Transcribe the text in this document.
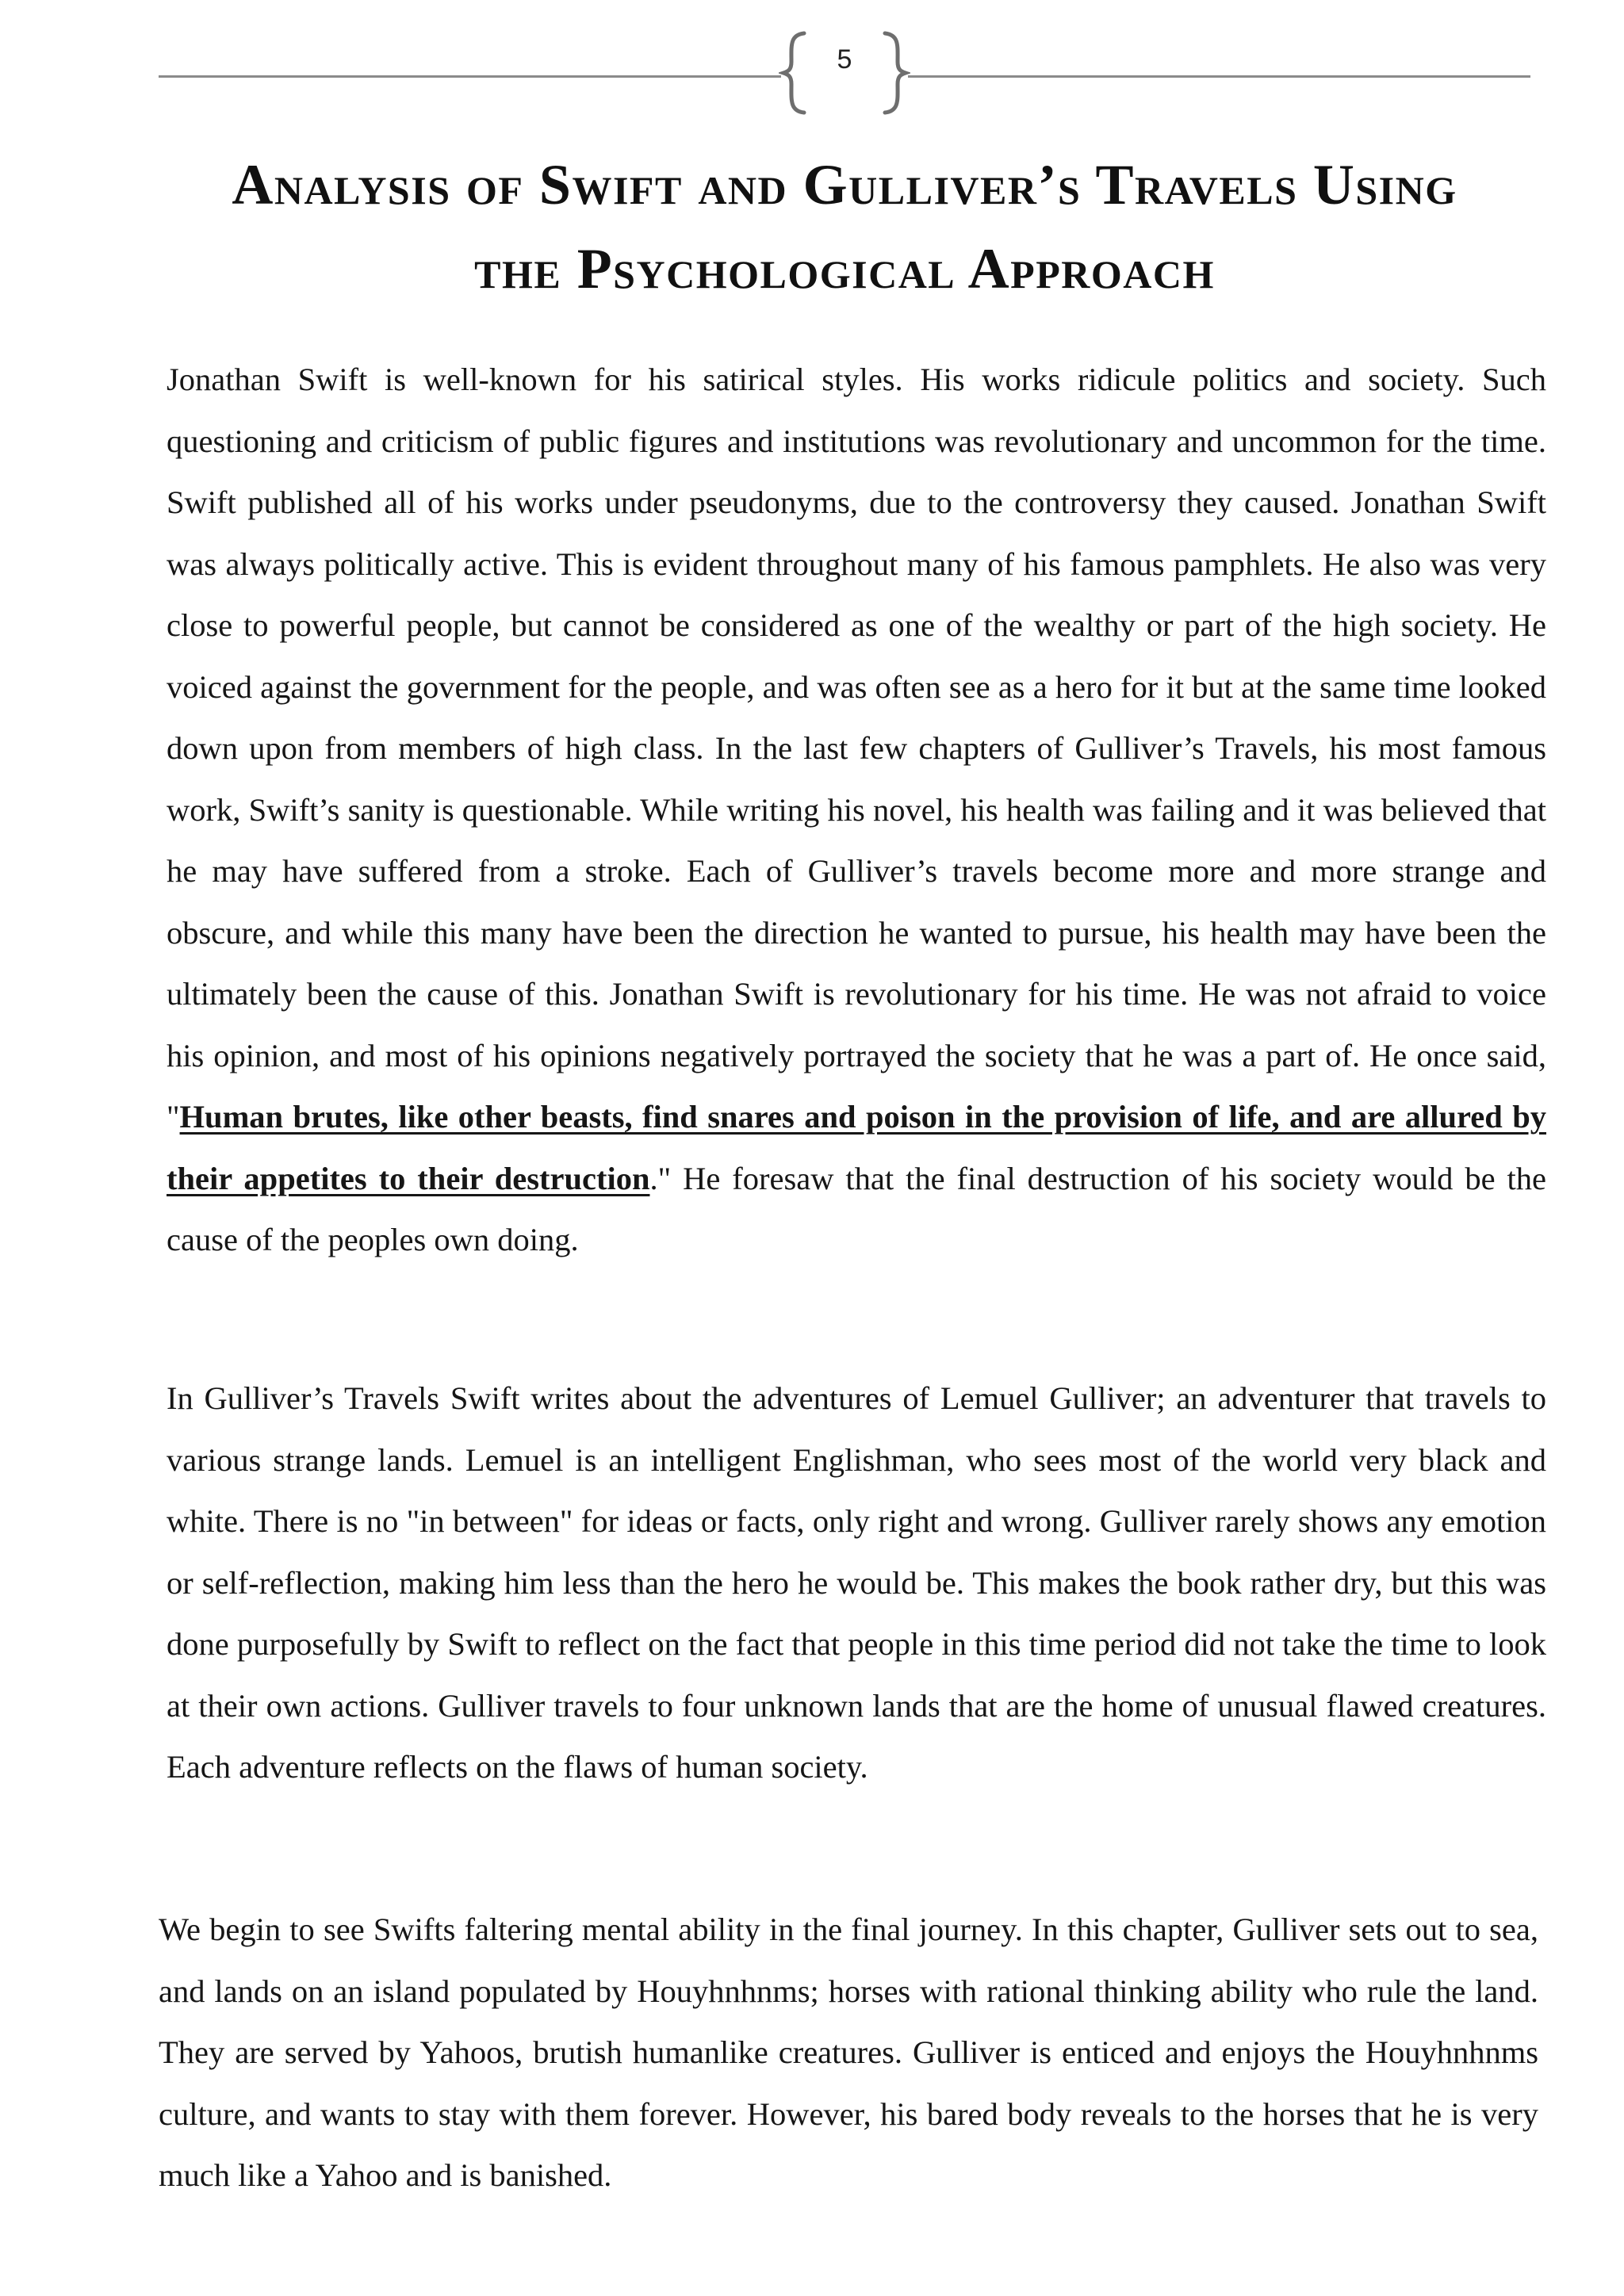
5
Analysis of Swift and Gulliver’s Travels Using
the Psychological Approach

Jonathan Swift is well-known for his satirical styles. His works ridicule politics and society. Such questioning and criticism of public figures and institutions was revolutionary and uncommon for the time. Swift published all of his works under pseudonyms, due to the controversy they caused. Jonathan Swift was always politically active. This is evident throughout many of his famous pamphlets. He also was very close to powerful people, but cannot be considered as one of the wealthy or part of the high society. He voiced against the government for the people, and was often see as a hero for it but at the same time looked down upon from members of high class. In the last few chapters of Gulliver’s Travels, his most famous work, Swift’s sanity is questionable. While writing his novel, his health was failing and it was believed that he may have suffered from a stroke. Each of Gulliver’s travels become more and more strange and obscure, and while this many have been the direction he wanted to pursue, his health may have been the ultimately been the cause of this. Jonathan Swift is revolutionary for his time. He was not afraid to voice his opinion, and most of his opinions negatively portrayed the society that he was a part of. He once said, "Human brutes, like other beasts, find snares and poison in the provision of life, and are allured by their appetites to their destruction." He foresaw that the final destruction of his society would be the cause of the peoples own doing.

In Gulliver’s Travels Swift writes about the adventures of Lemuel Gulliver; an adventurer that travels to various strange lands. Lemuel is an intelligent Englishman, who sees most of the world very black and white. There is no "in between" for ideas or facts, only right and wrong. Gulliver rarely shows any emotion or self-reflection, making him less than the hero he would be. This makes the book rather dry, but this was done purposefully by Swift to reflect on the fact that people in this time period did not take the time to look at their own actions. Gulliver travels to four unknown lands that are the home of unusual flawed creatures. Each adventure reflects on the flaws of human society.

We begin to see Swifts faltering mental ability in the final journey. In this chapter, Gulliver sets out to sea, and lands on an island populated by Houyhnhnms; horses with rational thinking ability who rule the land. They are served by Yahoos, brutish humanlike creatures. Gulliver is enticed and enjoys the Houyhnhnms culture, and wants to stay with them forever. However, his bared body reveals to the horses that he is very much like a Yahoo and is banished.
